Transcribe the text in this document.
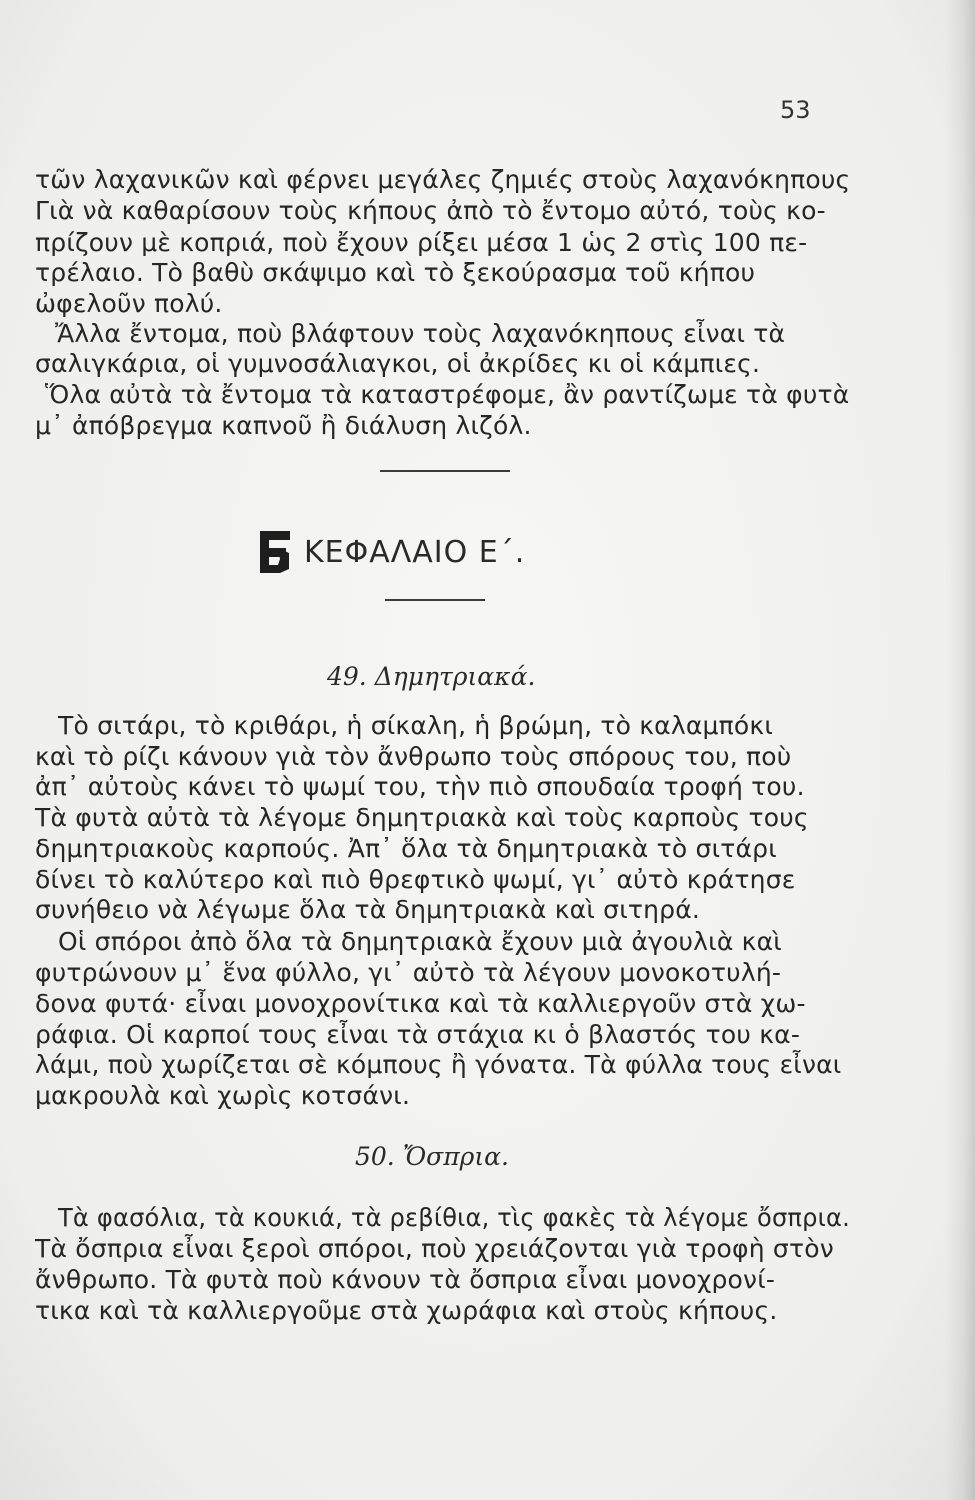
53
τῶν λαχανικῶν καὶ φέρνει μεγάλες ζημιές στοὺς λαχανόκηπους
Γιὰ νὰ καθαρίσουν τοὺς κήπους ἀπὸ τὸ ἔντομο αὐτό, τοὺς κο-
πρίζουν μὲ κοπριά, ποὺ ἔχουν ρίξει μέσα 1 ὡς 2 στὶς 100 πε-
τρέλαιο. Τὸ βαθὺ σκάψιμο καὶ τὸ ξεκούρασμα τοῦ κήπου
ὠφελοῦν πολύ.
Ἄλλα ἔντομα, ποὺ βλάφτουν τοὺς λαχανόκηπους εἶναι τὰ
σαλιγκάρια, οἱ γυμνοσάλιαγκοι, οἱ ἀκρίδες κι οἱ κάμπιες.
Ὅλα αὐτὰ τὰ ἔντομα τὰ καταστρέφομε, ἂν ραντίζωμε τὰ φυτὰ
μ᾽ ἀπόβρεγμα καπνοῦ ἢ διάλυση λιζόλ.
ΚΕΦΑΛΑΙΟ Ε΄.
49. Δημητριακά.
Τὸ σιτάρι, τὸ κριθάρι, ἡ σίκαλη, ἡ βρώμη, τὸ καλαμπόκι
καὶ τὸ ρίζι κάνουν γιὰ τὸν ἄνθρωπο τοὺς σπόρους του, ποὺ
ἀπ᾽ αὐτοὺς κάνει τὸ ψωμί του, τὴν πιὸ σπουδαία τροφή του.
Τὰ φυτὰ αὐτὰ τὰ λέγομε δημητριακὰ καὶ τοὺς καρποὺς τους
δημητριακοὺς καρπούς. Ἀπ᾽ ὅλα τὰ δημητριακὰ τὸ σιτάρι
δίνει τὸ καλύτερο καὶ πιὸ θρεφτικὸ ψωμί, γι᾽ αὐτὸ κράτησε
συνήθειο νὰ λέγωμε ὅλα τὰ δημητριακὰ καὶ σιτηρά.
Οἱ σπόροι ἀπὸ ὅλα τὰ δημητριακὰ ἔχουν μιὰ ἀγουλιὰ καὶ
φυτρώνουν μ᾽ ἕνα φύλλο, γι᾽ αὐτὸ τὰ λέγουν μονοκοτυλή-
δονα φυτά· εἶναι μονοχρονίτικα καὶ τὰ καλλιεργοῦν στὰ χω-
ράφια. Οἱ καρποί τους εἶναι τὰ στάχια κι ὁ βλαστός του κα-
λάμι, ποὺ χωρίζεται σὲ κόμπους ἢ γόνατα. Τὰ φύλλα τους εἶναι
μακρουλὰ καὶ χωρὶς κοτσάνι.
50. Ὄσπρια.
Τὰ φασόλια, τὰ κουκιά, τὰ ρεβίθια, τὶς φακὲς τὰ λέγομε ὄσπρια.
Τὰ ὄσπρια εἶναι ξεροὶ σπόροι, ποὺ χρειάζονται γιὰ τροφὴ στὸν
ἄνθρωπο. Τὰ φυτὰ ποὺ κάνουν τὰ ὄσπρια εἶναι μονοχρονί-
τικα καὶ τὰ καλλιεργοῦμε στὰ χωράφια καὶ στοὺς κήπους.
